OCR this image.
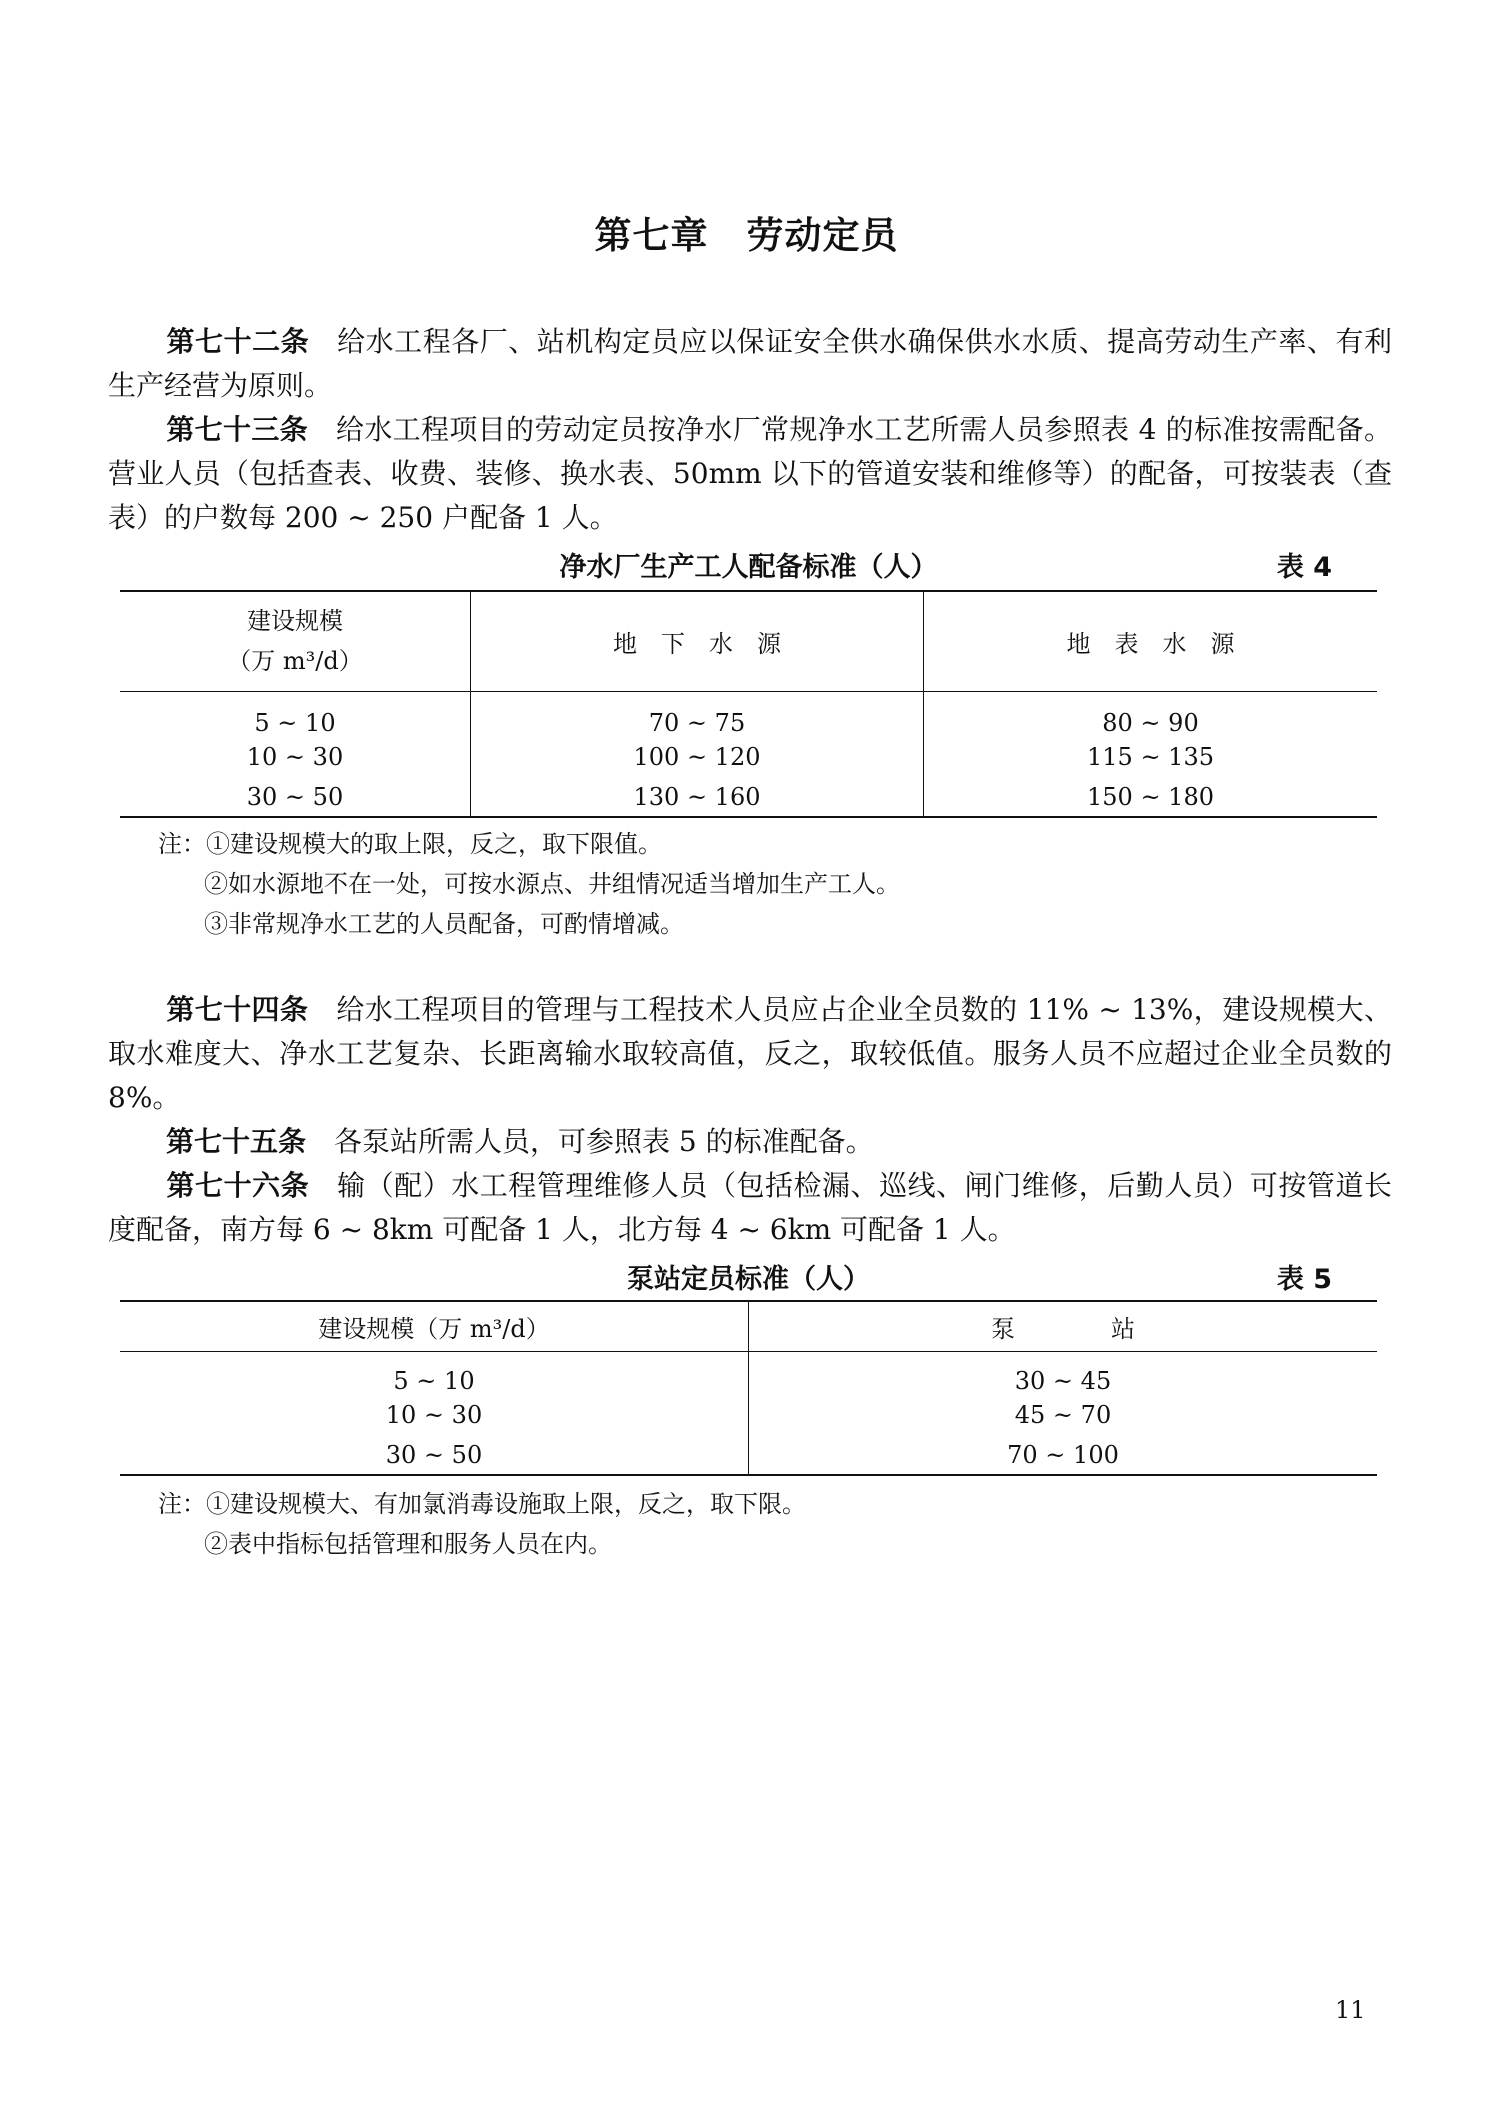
第七章　劳动定员

第七十二条 给水工程各厂、站机构定员应以保证安全供水确保供水水质、提高劳动生产率、有利生产经营为原则。

第七十三条 给水工程项目的劳动定员按净水厂常规净水工艺所需人员参照表 4 的标准按需配备。营业人员（包括查表、收费、装修、换水表、50mm 以下的管道安装和维修等）的配备，可按装表（查表）的户数每 200 ~ 250 户配备 1 人。

净水厂生产工人配备标准（人）	表 4
建设规模
（万 m³/d）	地　下　水　源	地　表　水　源
5 ~ 10	70 ~ 75	80 ~ 90
10 ~ 30	100 ~ 120	115 ~ 135
30 ~ 50	130 ~ 160	150 ~ 180
注：①建设规模大的取上限，反之，取下限值。
②如水源地不在一处，可按水源点、井组情况适当增加生产工人。
③非常规净水工艺的人员配备，可酌情增减。

第七十四条 给水工程项目的管理与工程技术人员应占企业全员数的 11% ~ 13%，建设规模大、取水难度大、净水工艺复杂、长距离输水取较高值，反之，取较低值。服务人员不应超过企业全员数的 8%。

第七十五条 各泵站所需人员，可参照表 5 的标准配备。

第七十六条 输（配）水工程管理维修人员（包括检漏、巡线、闸门维修，后勤人员）可按管道长度配备，南方每 6 ~ 8km 可配备 1 人，北方每 4 ~ 6km 可配备 1 人。

泵站定员标准（人）	表 5
建设规模（万 m³/d）	泵　　　　站
5 ~ 10	30 ~ 45
10 ~ 30	45 ~ 70
30 ~ 50	70 ~ 100
注：①建设规模大、有加氯消毒设施取上限，反之，取下限。
②表中指标包括管理和服务人员在内。
11
